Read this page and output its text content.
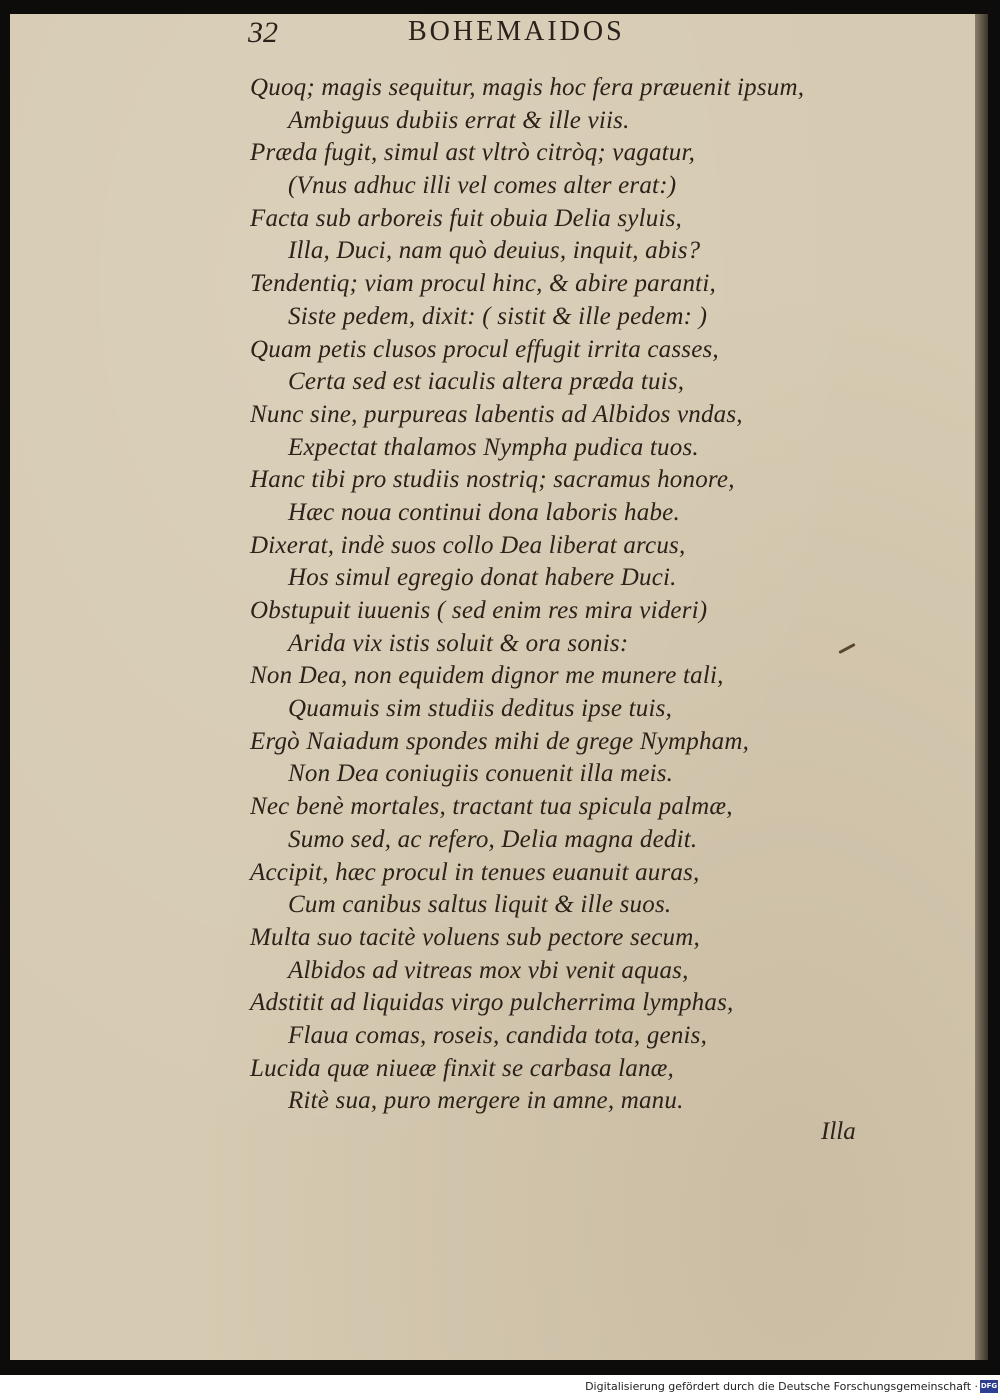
32	BOHEMAIDOS
Quoq; magis sequitur, magis hoc fera præuenit ipsum,
Ambiguus dubiis errat & ille viis.
Præda fugit, simul ast vltrò citròq; vagatur,
(Vnus adhuc illi vel comes alter erat:)
Facta sub arboreis fuit obuia Delia syluis,
Illa, Duci, nam quò deuius, inquit, abis?
Tendentiq; viam procul hinc, & abire paranti,
Siste pedem, dixit: ( sistit & ille pedem: )
Quam petis clusos procul effugit irrita casses,
Certa sed est iaculis altera præda tuis,
Nunc sine, purpureas labentis ad Albidos vndas,
Expectat thalamos Nympha pudica tuos.
Hanc tibi pro studiis nostriq; sacramus honore,
Hæc noua continui dona laboris habe.
Dixerat, indè suos collo Dea liberat arcus,
Hos simul egregio donat habere Duci.
Obstupuit iuuenis ( sed enim res mira videri)
Arida vix istis soluit & ora sonis:
Non Dea, non equidem dignor me munere tali,
Quamuis sim studiis deditus ipse tuis,
Ergò Naiadum spondes mihi de grege Nympham,
Non Dea coniugiis conuenit illa meis.
Nec benè mortales, tractant tua spicula palmæ,
Sumo sed, ac refero, Delia magna dedit.
Accipit, hæc procul in tenues euanuit auras,
Cum canibus saltus liquit & ille suos.
Multa suo tacitè voluens sub pectore secum,
Albidos ad vitreas mox vbi venit aquas,
Adstitit ad liquidas virgo pulcherrima lymphas,
Flaua comas, roseis, candida tota, genis,
Lucida quæ niueæ finxit se carbasa lanæ,
Ritè sua, puro mergere in amne, manu.
Illa
Digitalisierung gefördert durch die Deutsche Forschungsgemeinschaft · DFG
